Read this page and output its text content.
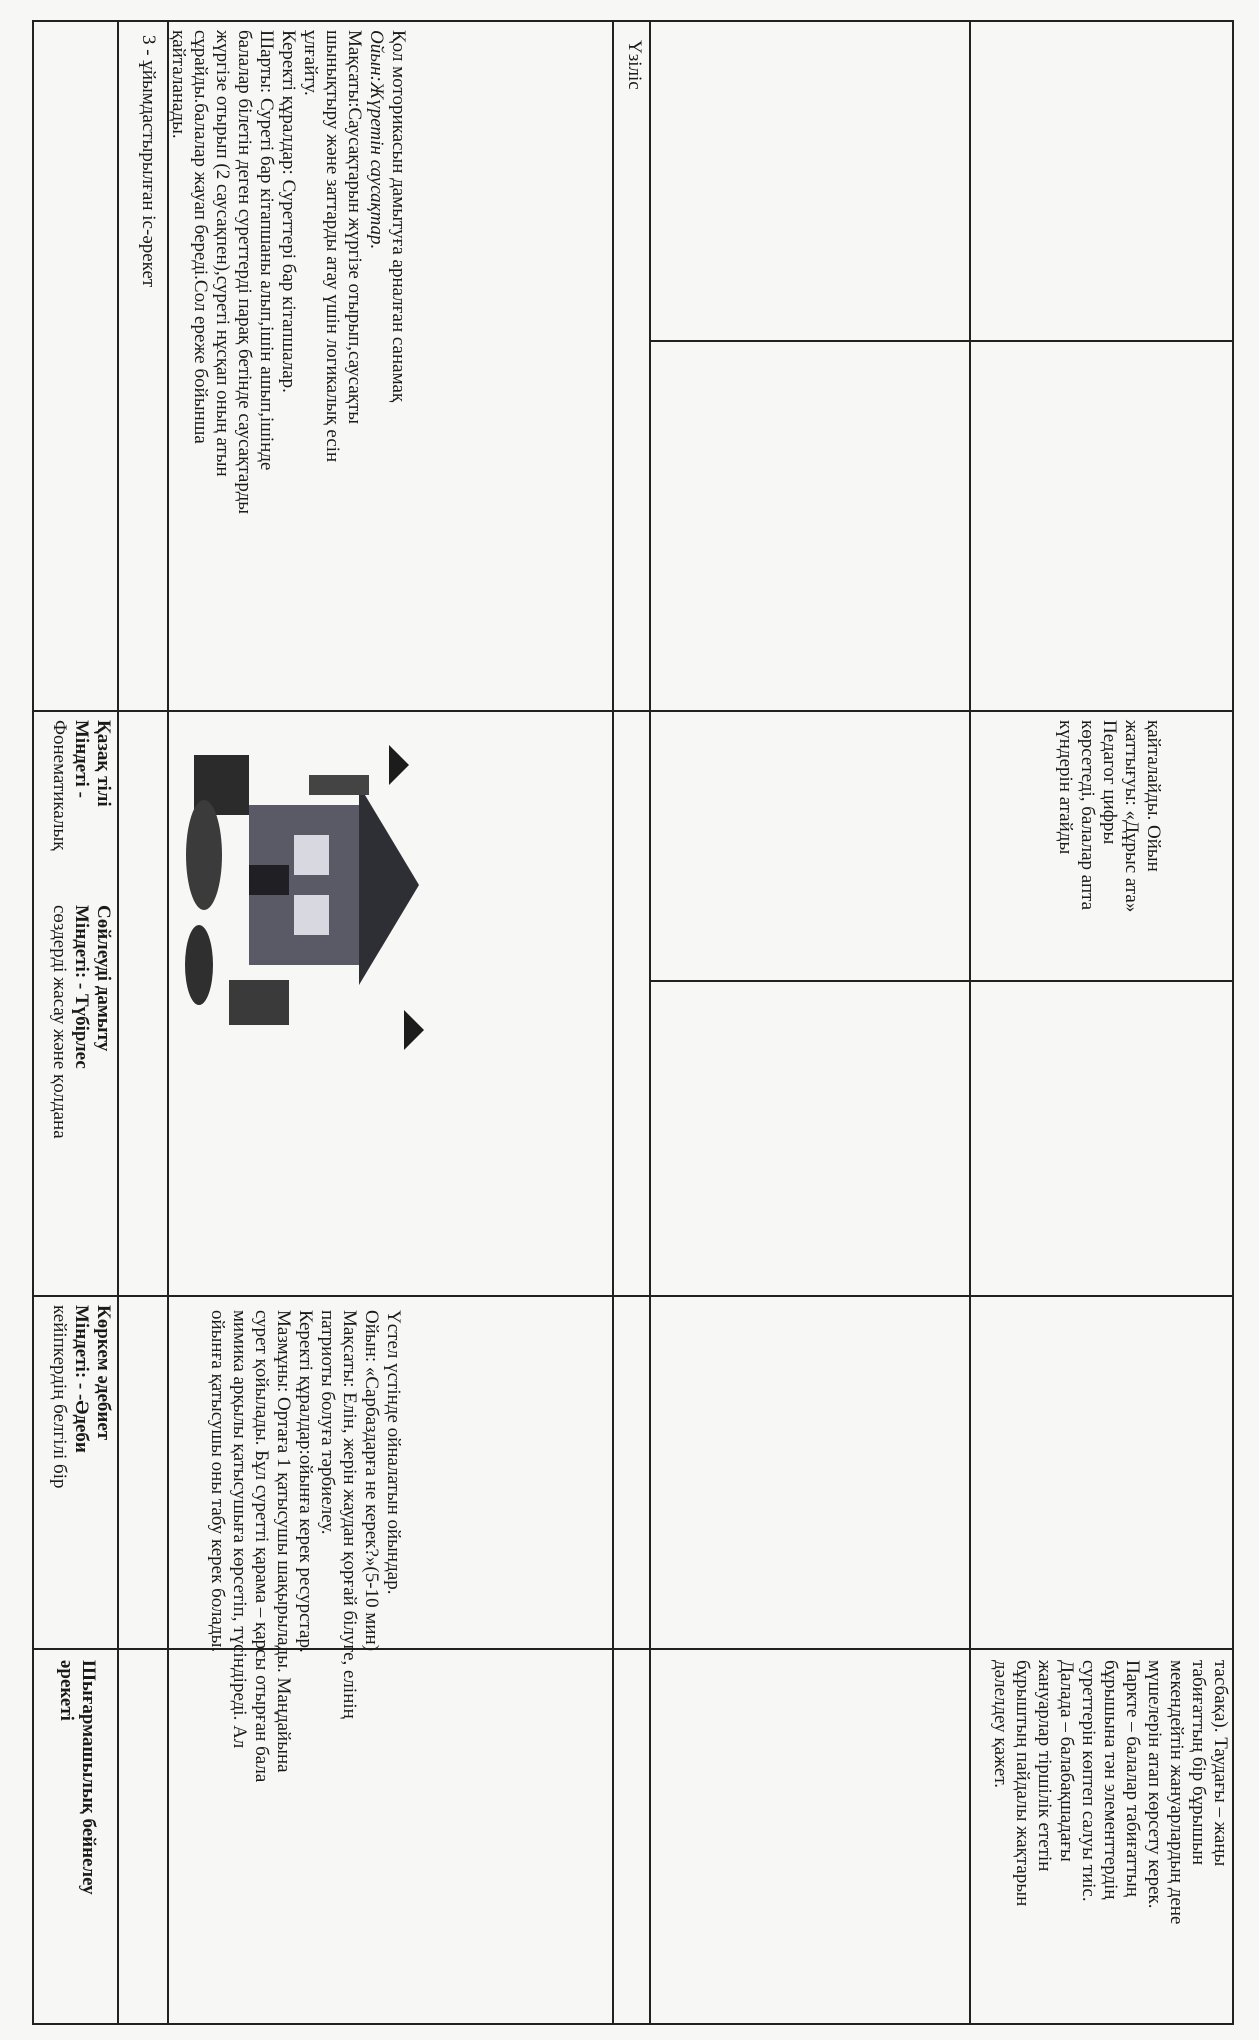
қайталайды. Ойын
жаттығуы: «Дұрыс ата»
Педагог цифры
көрсетеді, балалар апта
күндерін атайды
тасбақа). Таудағы – жаңы
табиғаттың бір бұрышын
мекендейтін жануарлардың дене
мүшелерін атап көрсету керек.
Паркте – балалар табиғаттың
бұрышына тән элементтердің
суреттерін көптеп салуы тиіс.
Далада – балабақшадағы
жануарлар тіршілік ететін
бұрыштың пайдалы жақтарын
дәлелдеу қажет.
Үзіліс
Қол моторикасын дамытуға арналған санамақ
Ойын:Жүретін саусақтар.
Мақсаты:Саусақтарын жүргізе отырып,саусақты
шынықтыру және заттарды атау үшін логикалық есін
ұлғайту.
Керекті құралдар: Суреттері бар кітапшалар.
Шарты: Суреті бар кітапшаны алып,ішін ашып,ішінде
балалар білетін деген суреттерді парақ бетінде саусақтарды
жүргізе отырып (2 саусақпен),суреті нұсқап оның атын
сұрайды.балалар жауап береді.Сол ереже бойынша
қайталанады.
Үстел үстінде ойналатын ойындар.
Ойын: «Сарбаздарға не керек?»(5-10 мин)
Мақсаты: Елін, жерін жаудан қорғай білуге, елінің
патриоты болуға тәрбиелеу.
Керекті құралдар:ойынға керек ресурстар.
Мазмұны: Ортаға 1 қатысушы шақырылады. Маңдайына
сурет қойылады. Бұл суретті қарама – қарсы отырған бала
мимика арқылы қатысушыға көрсетіп, түсіндіреді. Ал
ойынға қатысушы оны табу керек болады.
3 - ұйымдастырылған іс-әрекет
Қазақ тілі
Міндеті -
Фонематикалық
Сөйлеуді дамыту
Міндеті: - Түбірлес
сөздерді жасау және қолдана
Көркем әдебиет
Міндеті: - -Әдеби
кейіпкердің белгілі бір
Шығармашылық бейнелеу
әрекеті
